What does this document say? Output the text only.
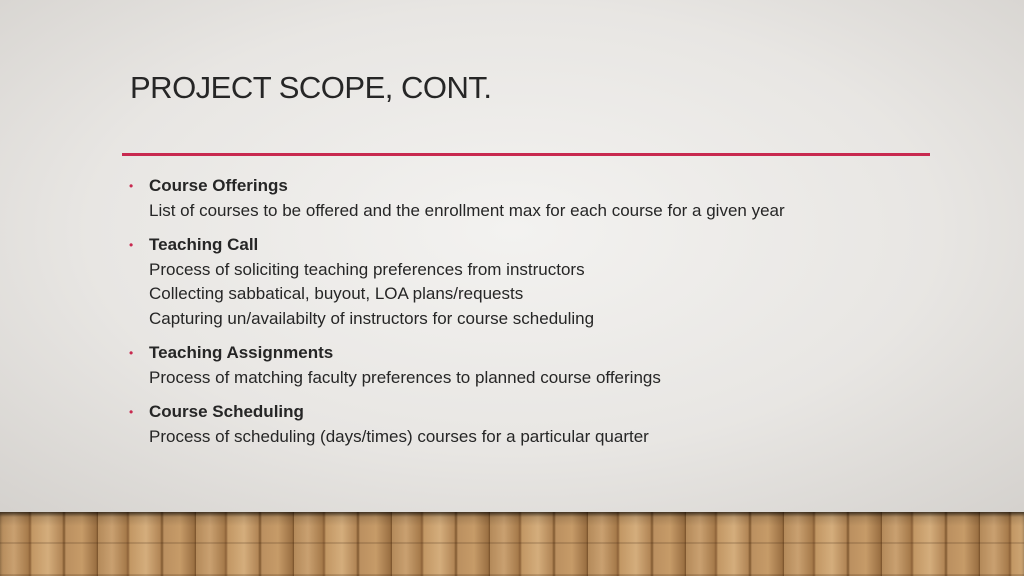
PROJECT SCOPE, CONT.
• Course Offerings
List of courses to be offered and the enrollment max for each course for a given year
• Teaching Call
Process of soliciting teaching preferences from instructors
Collecting sabbatical, buyout, LOA plans/requests
Capturing un/availabilty of instructors for course scheduling
• Teaching Assignments
Process of matching faculty preferences to planned course offerings
• Course Scheduling
Process of scheduling (days/times) courses for a particular quarter
